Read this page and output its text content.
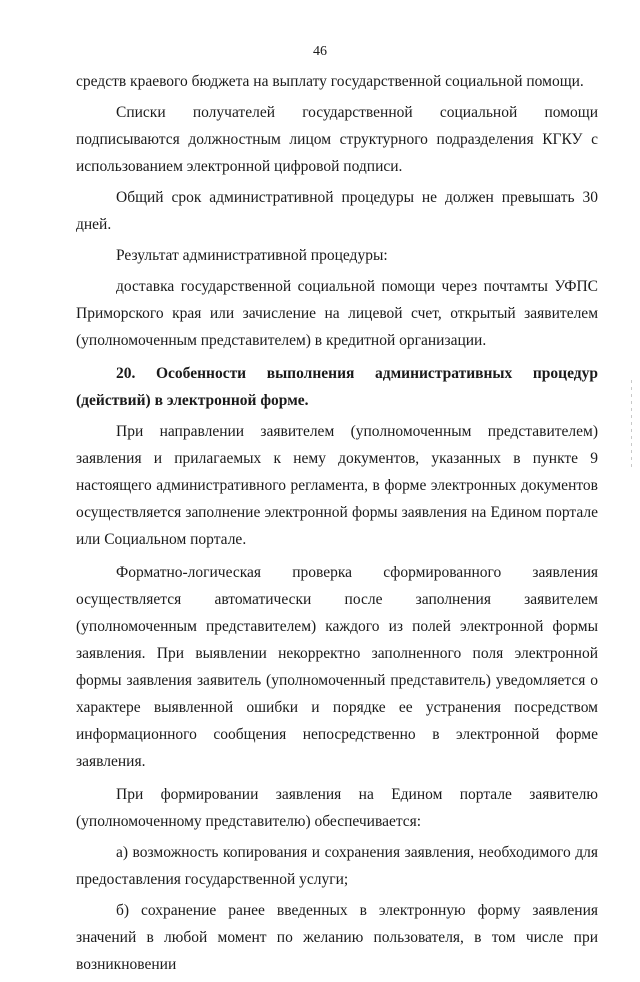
46

средств краевого бюджета на выплату государственной социальной помощи.

Списки получателей государственной социальной помощи подписываются должностным лицом структурного подразделения КГКУ с использованием электронной цифровой подписи.

Общий срок административной процедуры не должен превышать 30 дней.

Результат административной процедуры:

доставка государственной социальной помощи через почтамты УФПС Приморского края или зачисление на лицевой счет, открытый заявителем (уполномоченным представителем) в кредитной организации.

20. Особенности выполнения административных процедур (действий) в электронной форме.

При направлении заявителем (уполномоченным представителем) заявления и прилагаемых к нему документов, указанных в пункте 9 настоящего административного регламента, в форме электронных документов осуществляется заполнение электронной формы заявления на Едином портале или Социальном портале.

Форматно-логическая проверка сформированного заявления осуществляется автоматически после заполнения заявителем (уполномоченным представителем) каждого из полей электронной формы заявления. При выявлении некорректно заполненного поля электронной формы заявления заявитель (уполномоченный представитель) уведомляется о характере выявленной ошибки и порядке ее устранения посредством информационного сообщения непосредственно в электронной форме заявления.

При формировании заявления на Едином портале заявителю (уполномоченному представителю) обеспечивается:

а) возможность копирования и сохранения заявления, необходимого для предоставления государственной услуги;

б) сохранение ранее введенных в электронную форму заявления значений в любой момент по желанию пользователя, в том числе при возникновении
